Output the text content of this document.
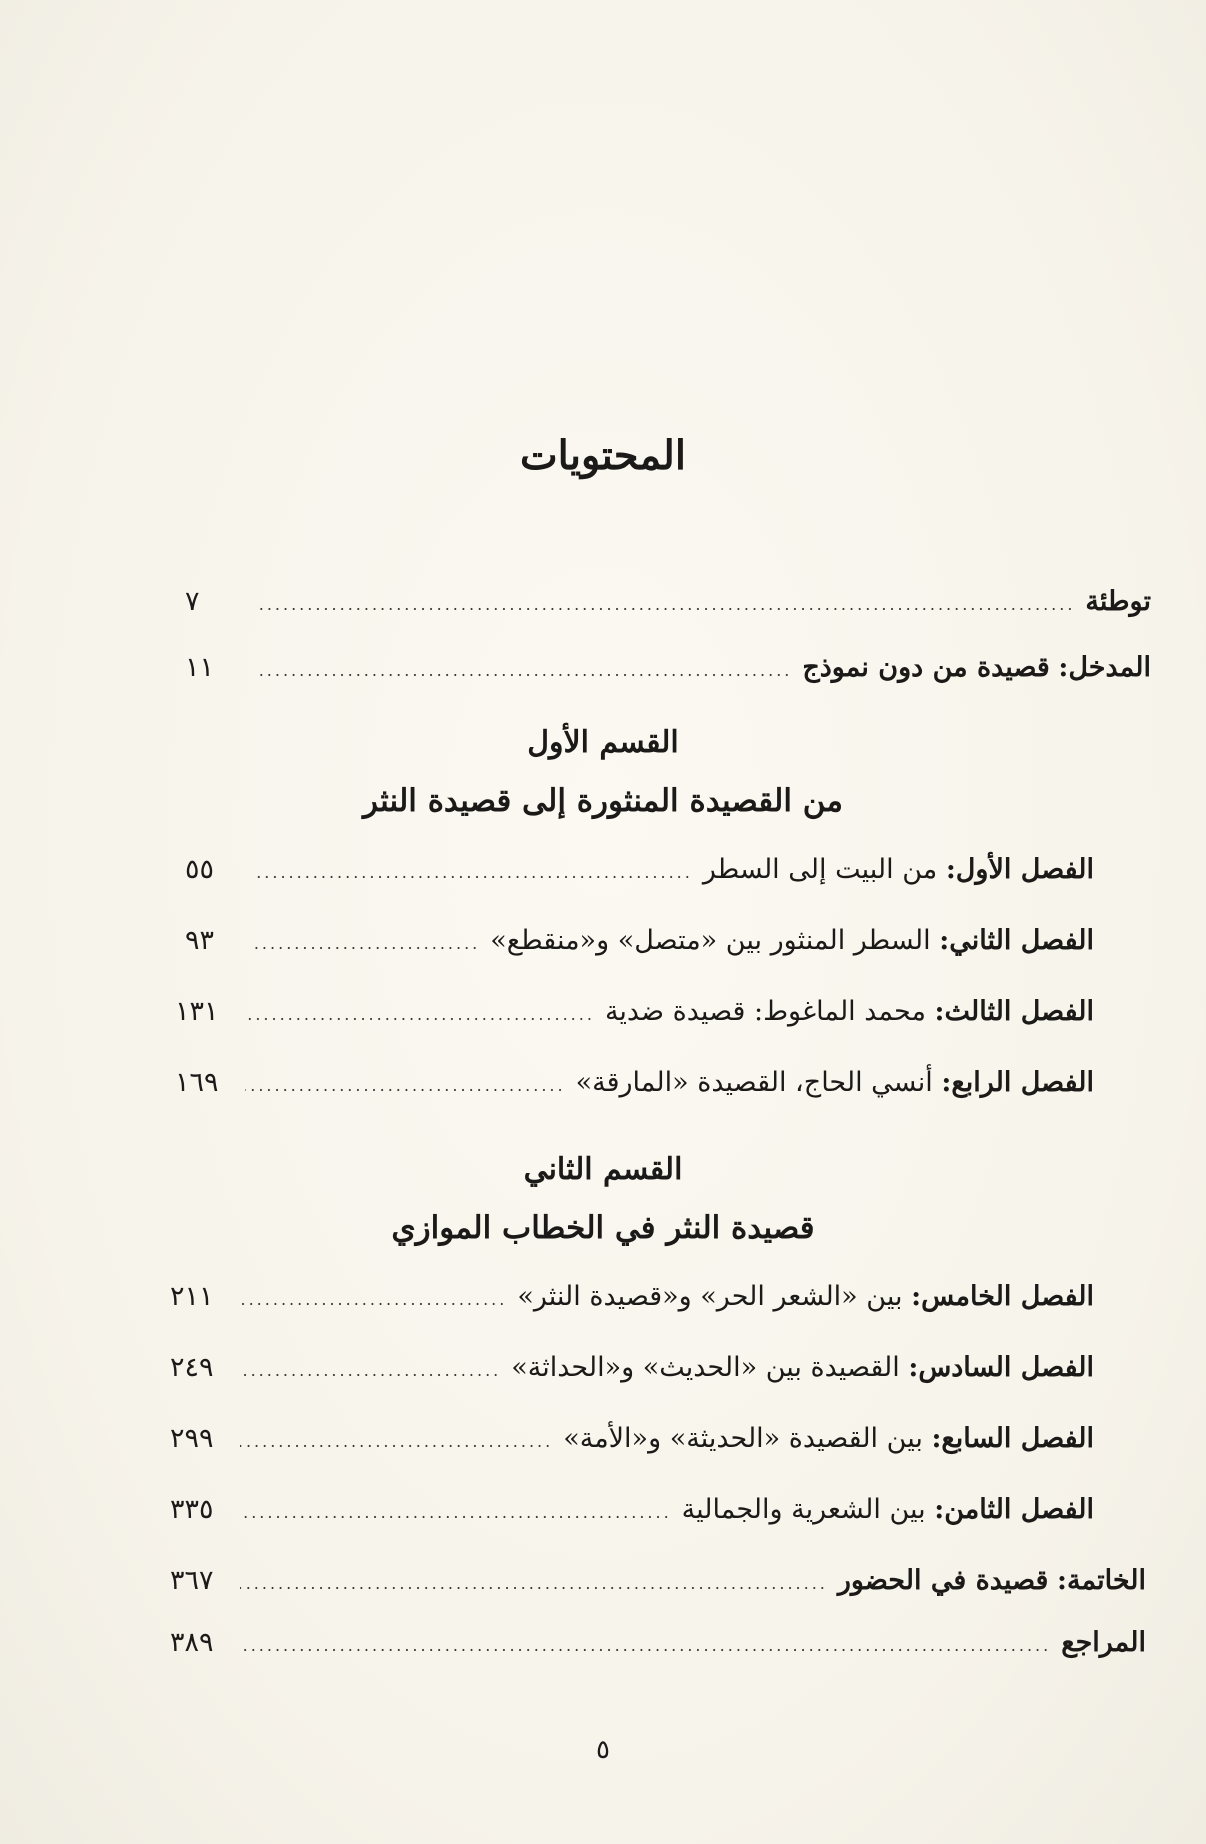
المحتويات
توطئة
.....
٧
المدخل: قصيدة من دون نموذج
.....
١١
القسم الأول
من القصيدة المنثورة إلى قصيدة النثر
الفصل الأول: من البيت إلى السطر
.....
٥٥
الفصل الثاني: السطر المنثور بين «متصل» و«منقطع»
.....
٩٣
الفصل الثالث: محمد الماغوط: قصيدة ضدية
.....
١٣١
الفصل الرابع: أنسي الحاج، القصيدة «المارقة»
.....
١٦٩
القسم الثاني
قصيدة النثر في الخطاب الموازي
الفصل الخامس: بين «الشعر الحر» و«قصيدة النثر»
.....
٢١١
الفصل السادس: القصيدة بين «الحديث» و«الحداثة»
.....
٢٤٩
الفصل السابع: بين القصيدة «الحديثة» و«الأمة»
.....
٢٩٩
الفصل الثامن: بين الشعرية والجمالية
.....
٣٣٥
الخاتمة: قصيدة في الحضور
.....
٣٦٧
المراجع
.....
٣٨٩
٥
